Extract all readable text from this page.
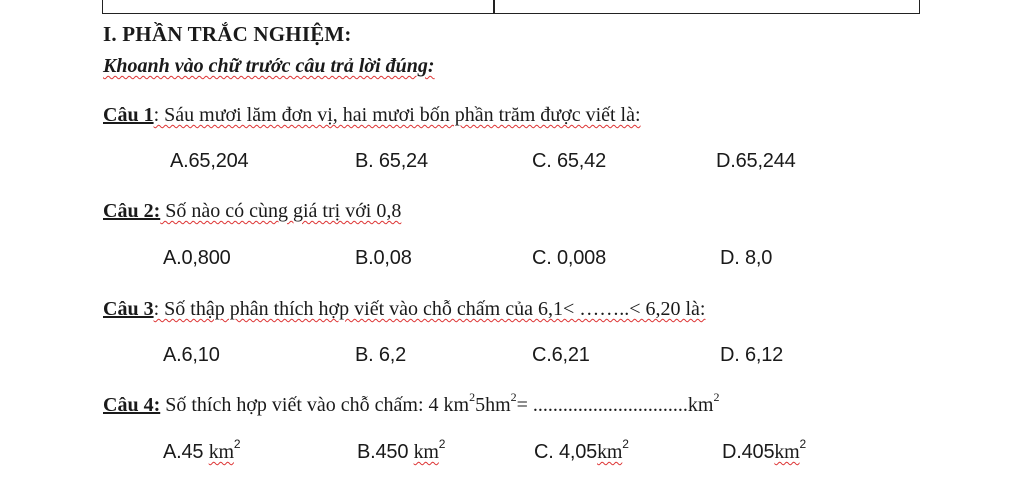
I. PHẦN TRẮC NGHIỆM:
Khoanh vào chữ trước câu trả lời đúng:
Câu 1: Sáu mươi lăm đơn vị, hai mươi bốn phần trăm được viết là:
A.65,204	B. 65,24	C. 65,42	D.65,244
Câu 2: Số nào có cùng giá trị với 0,8
A.0,800	B.0,08	C. 0,008	D. 8,0
Câu 3: Số thập phân thích hợp viết vào chỗ chấm của 6,1< ……..< 6,20 là:
A.6,10	B. 6,2	C.6,21	D. 6,12
Câu 4: Số thích hợp viết vào chỗ chấm: 4 $km^25hm^2= ...............................km^2$
A.45 $km^2$	B.450 $km^2$	C. $4,05km^2$	$D.405km^2$
